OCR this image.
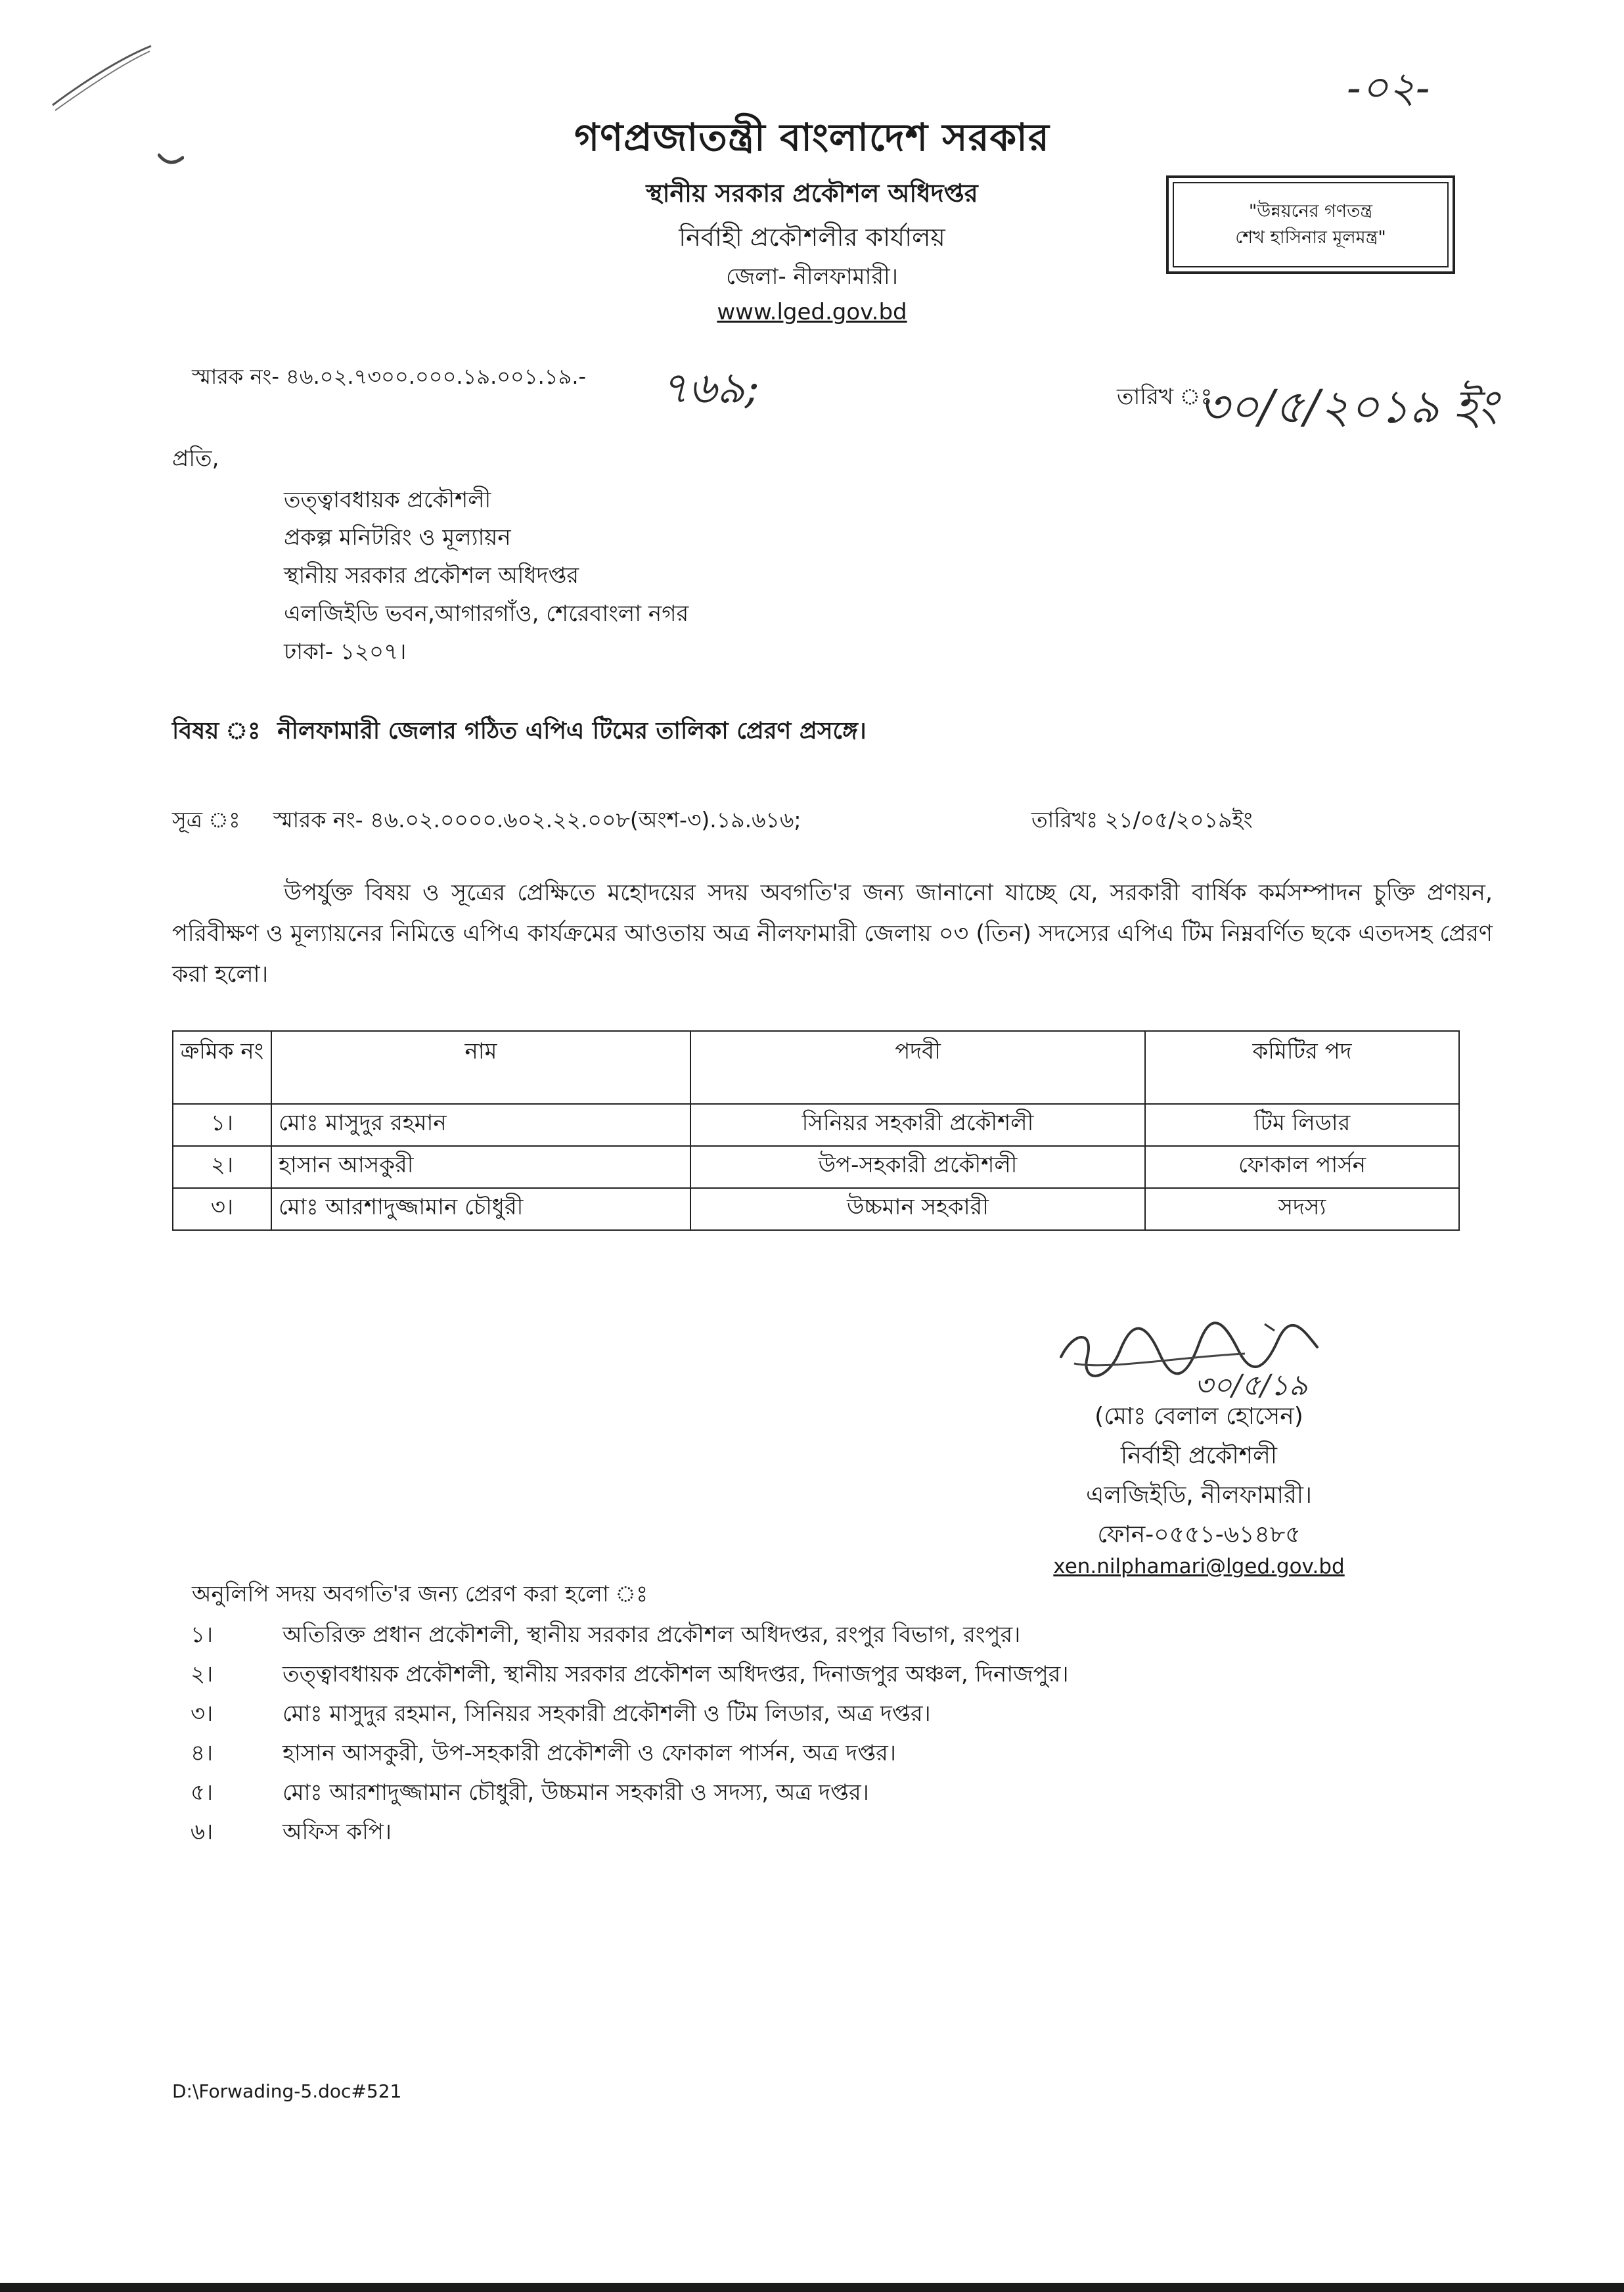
-০২-
গণপ্রজাতন্ত্রী বাংলাদেশ সরকার
স্থানীয় সরকার প্রকৌশল অধিদপ্তর
নির্বাহী প্রকৌশলীর কার্যালয়
জেলা- নীলফামারী।
www.lged.gov.bd
"উন্নয়নের গণতন্ত্র
শেখ হাসিনার মূলমন্ত্র"
স্মারক নং- ৪৬.০২.৭৩০০.০০০.১৯.০০১.১৯.- ৭৬৯;	তারিখ ঃ
৩০/৫/২০১৯ ইং
প্রতি,
তত্ত্বাবধায়ক প্রকৌশলী
প্রকল্প মনিটরিং ও মূল্যায়ন
স্থানীয় সরকার প্রকৌশল অধিদপ্তর
এলজিইডি ভবন,আগারগাঁও, শেরেবাংলা নগর
ঢাকা- ১২০৭।
বিষয় ঃ নীলফামারী জেলার গঠিত এপিএ টিমের তালিকা প্রেরণ প্রসঙ্গে।
সূত্র ঃ স্মারক নং- ৪৬.০২.০০০০.৬০২.২২.০০৮(অংশ-৩).১৯.৬১৬;	তারিখঃ ২১/০৫/২০১৯ইং
উপর্যুক্ত বিষয় ও সূত্রের প্রেক্ষিতে মহোদয়ের সদয় অবগতি'র জন্য জানানো যাচ্ছে যে, সরকারী বার্ষিক কর্মসম্পাদন চুক্তি প্রণয়ন, পরিবীক্ষণ ও মূল্যায়নের নিমিত্তে এপিএ কার্যক্রমের আওতায় অত্র নীলফামারী জেলায় ০৩ (তিন) সদস্যের এপিএ টিম নিম্নবর্ণিত ছকে এতদসহ প্রেরণ করা হলো।
ক্রমিক নং	নাম	পদবী	কমিটির পদ
১।	মোঃ মাসুদুর রহমান	সিনিয়র সহকারী প্রকৌশলী	টিম লিডার
২।	হাসান আসকুরী	উপ-সহকারী প্রকৌশলী	ফোকাল পার্সন
৩।	মোঃ আরশাদুজ্জামান চৌধুরী	উচ্চমান সহকারী	সদস্য
৩০/৫/১৯
(মোঃ বেলাল হোসেন)
নির্বাহী প্রকৌশলী
এলজিইডি, নীলফামারী।
ফোন-০৫৫১-৬১৪৮৫
xen.nilphamari@lged.gov.bd
অনুলিপি সদয় অবগতি'র জন্য প্রেরণ করা হলো ঃ
১।	অতিরিক্ত প্রধান প্রকৌশলী, স্থানীয় সরকার প্রকৌশল অধিদপ্তর, রংপুর বিভাগ, রংপুর।
২।	তত্ত্বাবধায়ক প্রকৌশলী, স্থানীয় সরকার প্রকৌশল অধিদপ্তর, দিনাজপুর অঞ্চল, দিনাজপুর।
৩।	মোঃ মাসুদুর রহমান, সিনিয়র সহকারী প্রকৌশলী ও টিম লিডার, অত্র দপ্তর।
৪।	হাসান আসকুরী, উপ-সহকারী প্রকৌশলী ও ফোকাল পার্সন, অত্র দপ্তর।
৫।	মোঃ আরশাদুজ্জামান চৌধুরী, উচ্চমান সহকারী ও সদস্য, অত্র দপ্তর।
৬।	অফিস কপি।
D:\Forwading-5.doc#521
